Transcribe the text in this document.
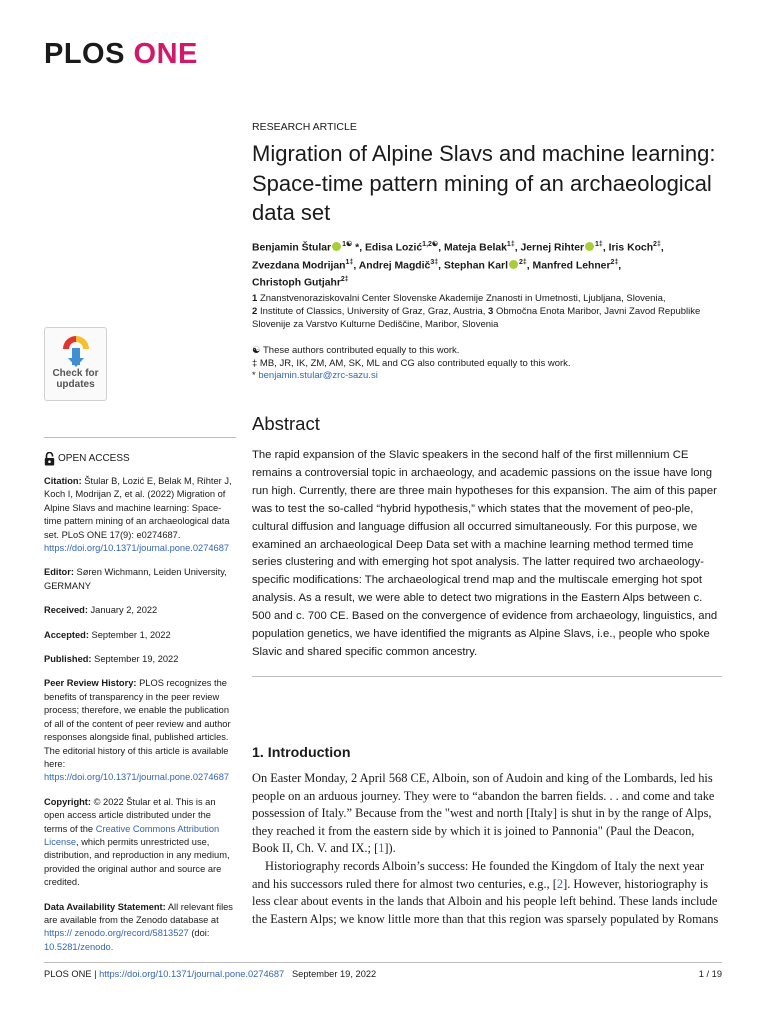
PLOS ONE
Check for
updates
OPEN ACCESS

Citation: Štular B, Lozić E, Belak M, Rihter J, Koch I, Modrijan Z, et al. (2022) Migration of Alpine Slavs and machine learning: Space-time pattern mining of an archaeological data set. PLoS ONE 17(9): e0274687. https://doi.org/10.1371/journal.pone.0274687

Editor: Søren Wichmann, Leiden University, GERMANY

Received: January 2, 2022

Accepted: September 1, 2022

Published: September 19, 2022

Peer Review History: PLOS recognizes the benefits of transparency in the peer review process; therefore, we enable the publication of all of the content of peer review and author responses alongside final, published articles. The editorial history of this article is available here: https://doi.org/10.1371/journal.pone.0274687

Copyright: © 2022 Štular et al. This is an open access article distributed under the terms of the Creative Commons Attribution License, which permits unrestricted use, distribution, and reproduction in any medium, provided the original author and source are credited.

Data Availability Statement: All relevant files are available from the Zenodo database at https:// zenodo.org/record/5813527 (doi: 10.5281/zenodo.

RESEARCH ARTICLE
Migration of Alpine Slavs and machine learning: Space-time pattern mining of an archaeological data set
Benjamin Štular $^{1☯}$ *, Edisa Lozić$^{1,2☯}$, Mateja Belak$^{1\ddagger}$, Jernej Rihter $^{1\ddagger}$, Iris Koch$^{2\ddagger}$,
Zvezdana Modrijan$^{1\ddagger}$, Andrej Magdič$^{3\ddagger}$, Stephan Karl $^{2\ddagger}$, Manfred Lehner$^{2\ddagger}$,
Christoph Gutjahr$^{2\ddagger}$
1 Znanstvenoraziskovalni Center Slovenske Akademije Znanosti in Umetnosti, Ljubljana, Slovenia,
2 Institute of Classics, University of Graz, Graz, Austria, 3 Območna Enota Maribor, Javni Zavod Republike Slovenije za Varstvo Kulturne Dediščine, Maribor, Slovenia
☯ These authors contributed equally to this work.
‡ MB, JR, IK, ZM, AM, SK, ML and CG also contributed equally to this work.
* benjamin.stular@zrc-sazu.si
Abstract
The rapid expansion of the Slavic speakers in the second half of the first millennium CE remains a controversial topic in archaeology, and academic passions on the issue have long run high. Currently, there are three main hypotheses for this expansion. The aim of this paper was to test the so-called “hybrid hypothesis,” which states that the movement of peo-ple, cultural diffusion and language diffusion all occurred simultaneously. For this purpose, we examined an archaeological Deep Data set with a machine learning method termed time series clustering and with emerging hot spot analysis. The latter required two archaeology-specific modifications: The archaeological trend map and the multiscale emerging hot spot analysis. As a result, we were able to detect two migrations in the Eastern Alps between c. 500 and c. 700 CE. Based on the convergence of evidence from archaeology, linguistics, and population genetics, we have identified the migrants as Alpine Slavs, i.e., people who spoke Slavic and shared specific common ancestry.
1. Introduction

On Easter Monday, 2 April 568 CE, Alboin, son of Audoin and king of the Lombards, led his people on an arduous journey. They were to “abandon the barren fields. . . and come and take possession of Italy.” Because from the "west and north [Italy] is shut in by the range of Alps, they reached it from the eastern side by which it is joined to Pannonia" (Paul the Deacon, Book II, Ch. V. and IX.; [1]).

Historiography records Alboin’s success: He founded the Kingdom of Italy the next year and his successors ruled there for almost two centuries, e.g., [2]. However, historiography is less clear about events in the lands that Alboin and his people left behind. These lands include the Eastern Alps; we know little more than that this region was sparsely populated by Romans

PLOS ONE | https://doi.org/10.1371/journal.pone.0274687 September 19, 2022	1 / 19
